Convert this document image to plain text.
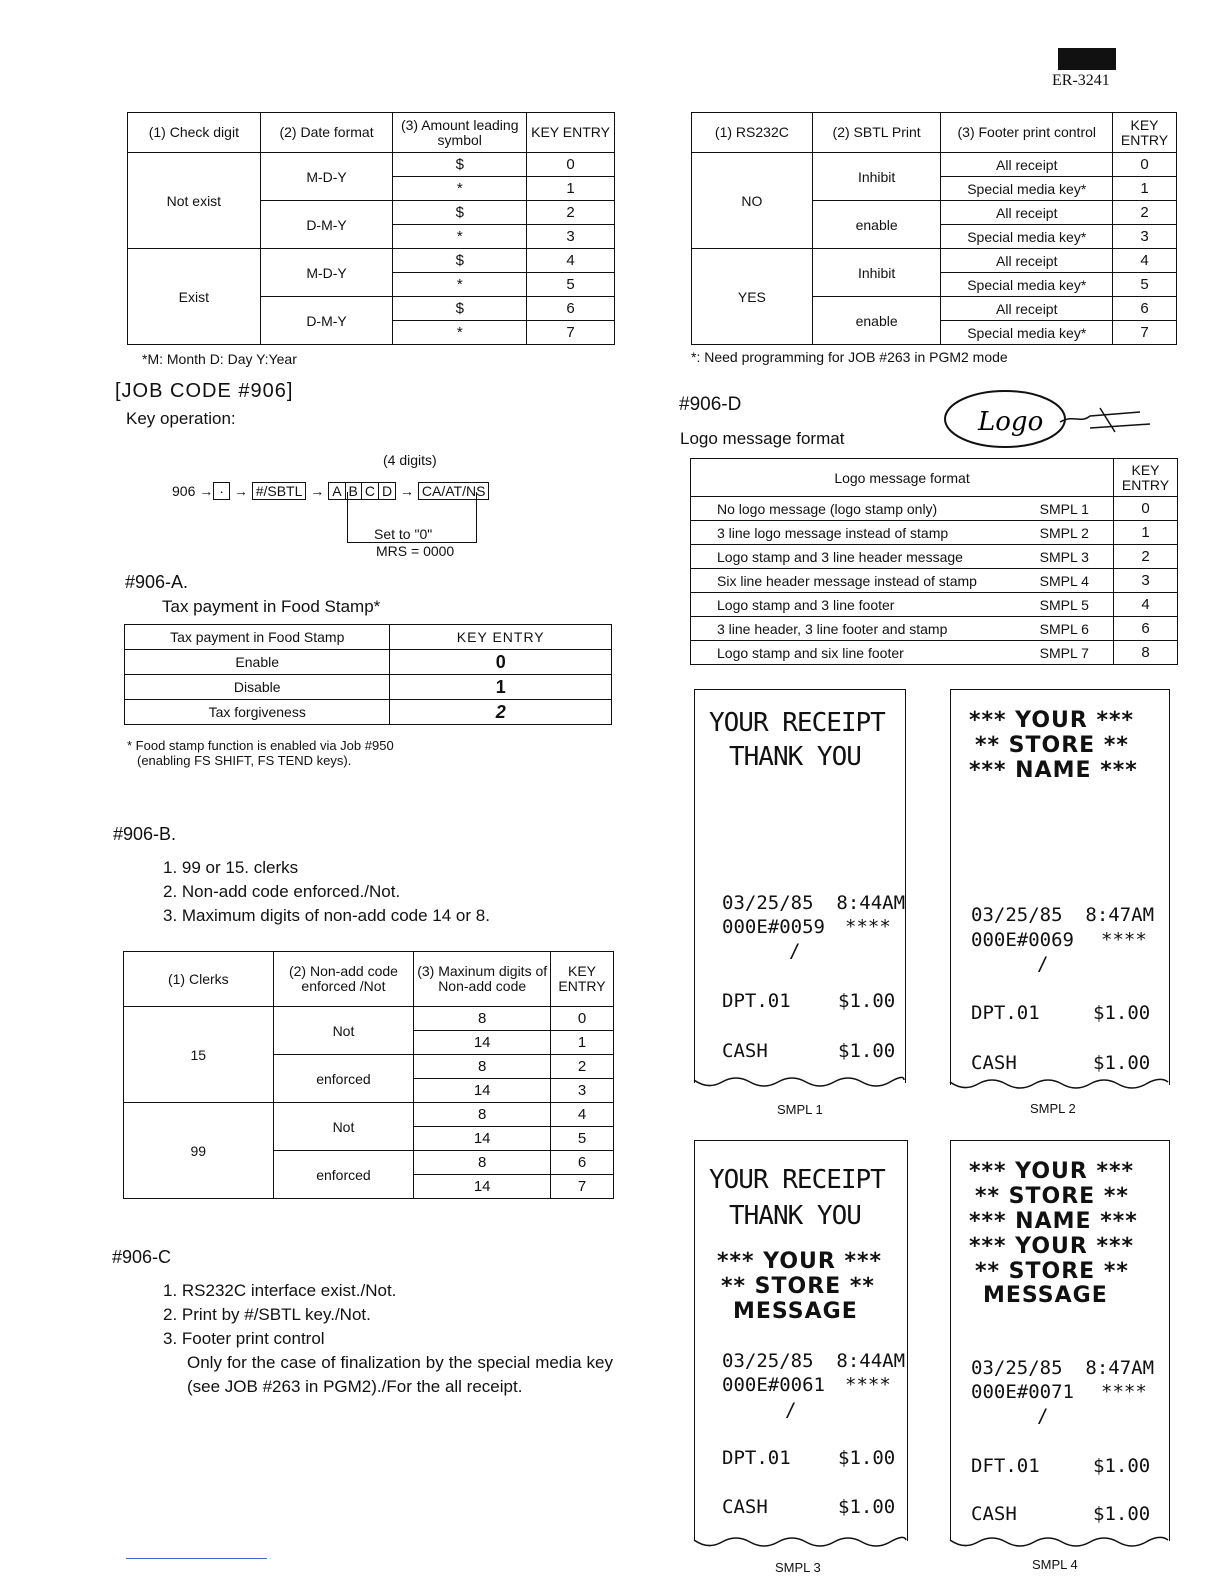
ER-3241
(1) Check digit	(2) Date format	(3) Amount leading symbol	KEY ENTRY
Not exist	M-D-Y	$	0
		*	1
	D-M-Y	$	2
		*	3
Exist	M-D-Y	$	4
		*	5
	D-M-Y	$	6
		*	7
*M: Month D: Day Y:Year
[JOB CODE #906]
Key operation:
(4 digits)
906 → · → #/SBTL → A B C D → CA/AT/NS
Set to "0"
MRS = 0000
#906-A.
Tax payment in Food Stamp*
Tax payment in Food Stamp	KEY ENTRY
Enable	0
Disable	1
Tax forgiveness	2
* Food stamp function is enabled via Job #950
(enabling FS SHIFT, FS TEND keys).
#906-B.
1. 99 or 15. clerks
2. Non-add code enforced./Not.
3. Maximum digits of non-add code 14 or 8.
(1) Clerks	(2) Non-add code enforced /Not	(3) Maxinum digits of Non-add code	KEY ENTRY
15	Not	8	0
		14	1
	enforced	8	2
		14	3
99	Not	8	4
		14	5
	enforced	8	6
		14	7
#906-C
1. RS232C interface exist./Not.
2. Print by #/SBTL key./Not.
3. Footer print control
Only for the case of finalization by the special media key (see JOB #263 in PGM2)./For the all receipt.
(1) RS232C	(2) SBTL Print	(3) Footer print control	KEY ENTRY
NO	Inhibit	All receipt	0
		Special media key*	1
	enable	All receipt	2
		Special media key*	3
YES	Inhibit	All receipt	4
		Special media key*	5
	enable	All receipt	6
		Special media key*	7
*: Need programming for JOB #263 in PGM2 mode
#906-D
Logo message format
Logo
Logo message format		KEY ENTRY
No logo message (logo stamp only)	SMPL 1	0
3 line logo message instead of stamp	SMPL 2	1
Logo stamp and 3 line header message	SMPL 3	2
Six line header message instead of stamp	SMPL 4	3
Logo stamp and 3 line footer	SMPL 5	4
3 line header, 3 line footer and stamp	SMPL 6	6
Logo stamp and six line footer	SMPL 7	8
YOUR RECEIPT
THANK YOU
03/25/85  8:44AM
000E#0059 ****
/
DPT.01 $1.00
CASH	$1.00
SMPL 1
*** YOUR ***
** STORE **
*** NAME ***
03/25/85  8:47AM
000E#0069 ****
/
DPT.01	$1.00
CASH	$1.00
SMPL 2
YOUR RECEIPT
THANK YOU
*** YOUR ***
** STORE **
MESSAGE
03/25/85  8:44AM
000E#0061 ****
/
DPT.01 $1.00
CASH	$1.00
SMPL 3
*** YOUR ***
** STORE **
*** NAME ***
*** YOUR ***
** STORE **
MESSAGE
03/25/85  8:47AM
000E#0071 ****
/
DFT.01	$1.00
CASH	$1.00
SMPL 4
